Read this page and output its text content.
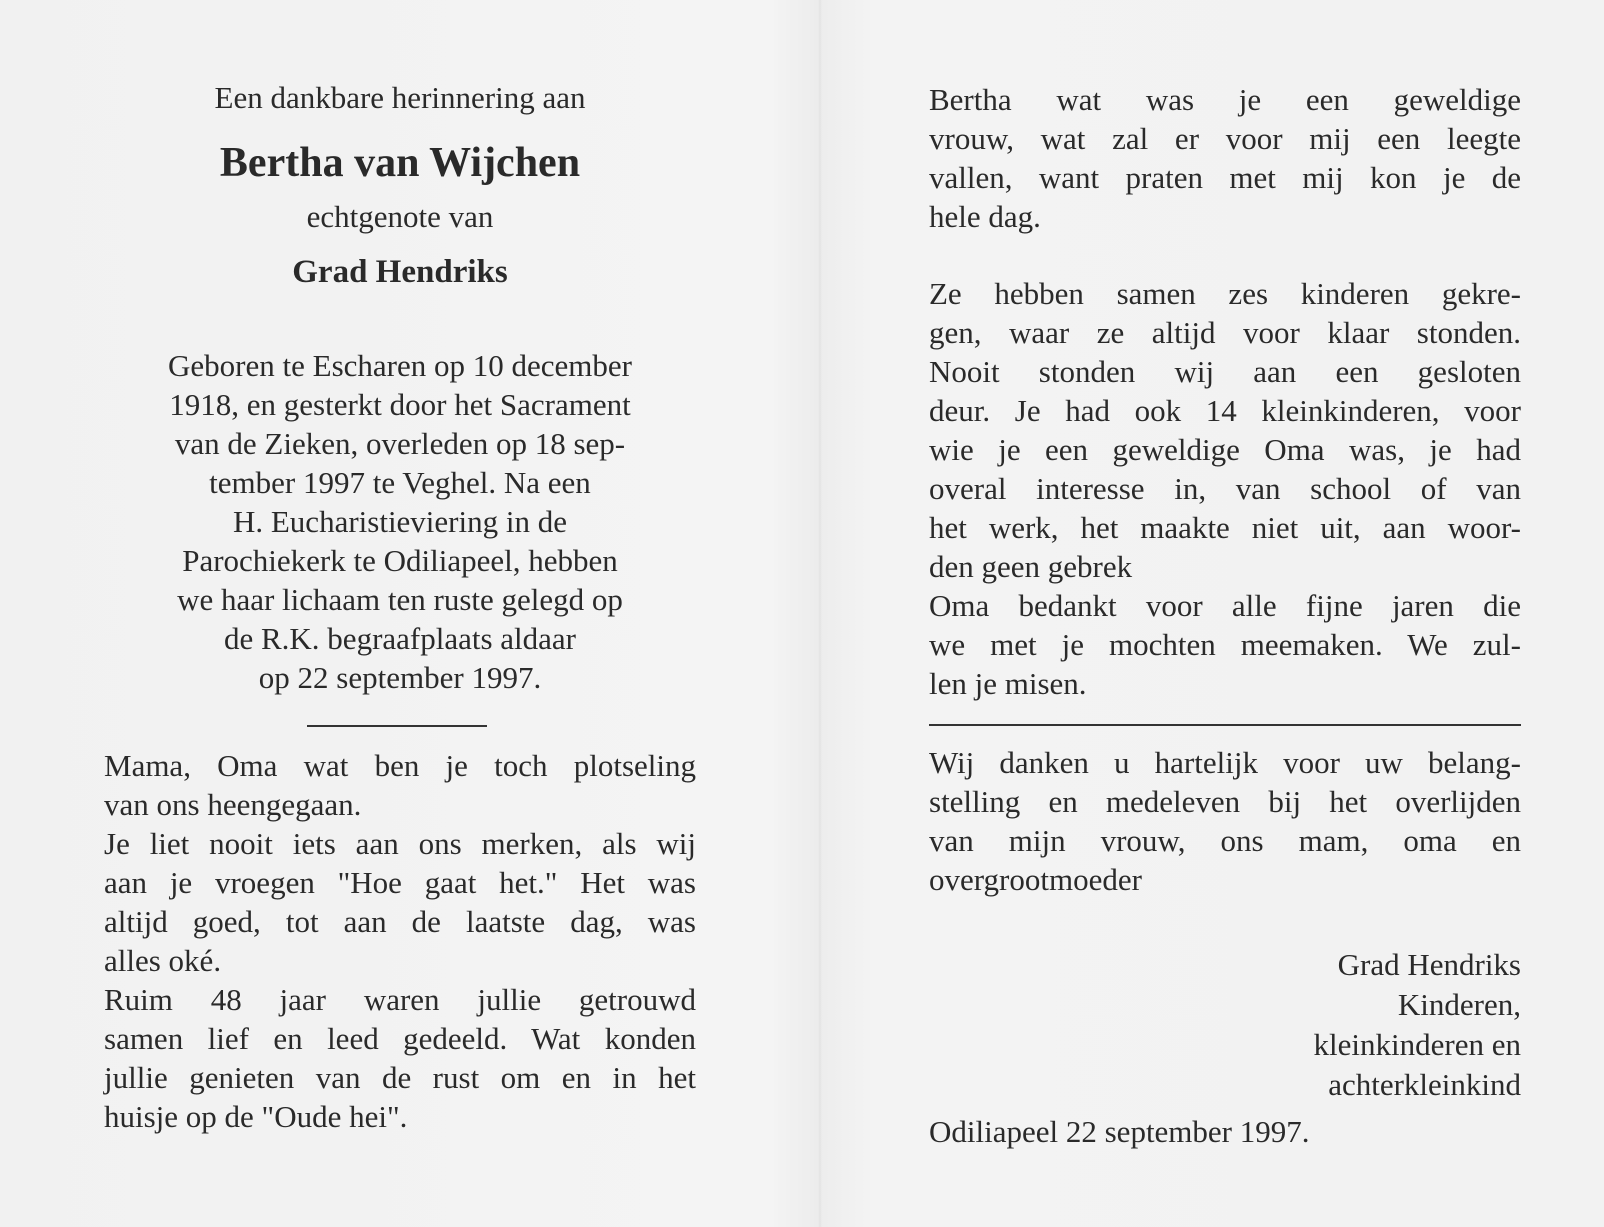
Een dankbare herinnering aan
Bertha van Wijchen
echtgenote van
Grad Hendriks
Geboren te Escharen op 10 december
1918, en gesterkt door het Sacrament
van de Zieken, overleden op 18 sep-
tember 1997 te Veghel. Na een
H. Eucharistieviering in de
Parochiekerk te Odiliapeel, hebben
we haar lichaam ten ruste gelegd op
de R.K. begraafplaats aldaar
op 22 september 1997.
Mama, Oma wat ben je toch plotseling
van ons heengegaan.
Je liet nooit iets aan ons merken, als wij
aan je vroegen "Hoe gaat het." Het was
altijd goed, tot aan de laatste dag, was
alles oké.
Ruim 48 jaar waren jullie getrouwd
samen lief en leed gedeeld. Wat konden
jullie genieten van de rust om en in het
huisje op de "Oude hei".
Bertha wat was je een geweldige
vrouw, wat zal er voor mij een leegte
vallen, want praten met mij kon je de
hele dag.
Ze hebben samen zes kinderen gekre-
gen, waar ze altijd voor klaar stonden.
Nooit stonden wij aan een gesloten
deur. Je had ook 14 kleinkinderen, voor
wie je een geweldige Oma was, je had
overal interesse in, van school of van
het werk, het maakte niet uit, aan woor-
den geen gebrek
Oma bedankt voor alle fijne jaren die
we met je mochten meemaken. We zul-
len je misen.
Wij danken u hartelijk voor uw belang-
stelling en medeleven bij het overlijden
van mijn vrouw, ons mam, oma en
overgrootmoeder
Grad Hendriks
Kinderen,
kleinkinderen en
achterkleinkind
Odiliapeel 22 september 1997.
